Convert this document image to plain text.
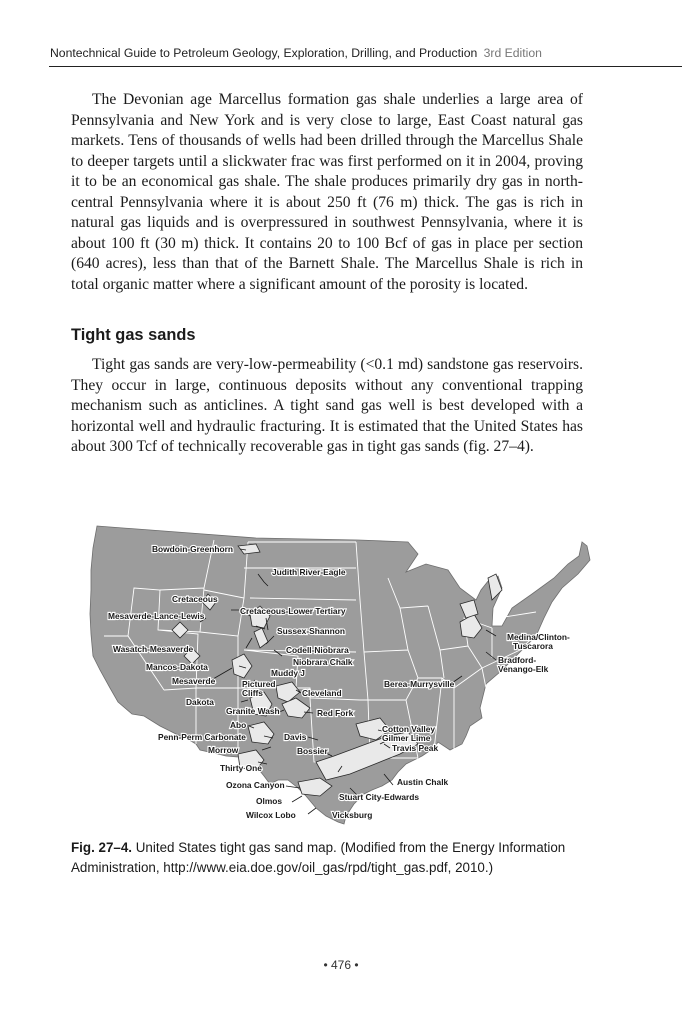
Nontechnical Guide to Petroleum Geology, Exploration, Drilling, and Production 3rd Edition

The Devonian age Marcellus formation gas shale underlies a large area of Pennsylvania and New York and is very close to large, East Coast natural gas markets. Tens of thousands of wells had been drilled through the Marcellus Shale to deeper targets until a slickwater frac was first performed on it in 2004, proving it to be an economical gas shale. The shale produces primarily dry gas in north-central Pennsylvania where it is about 250 ft (76 m) thick. The gas is rich in natural gas liquids and is overpressured in southwest Pennsylvania, where it is about 100 ft (30 m) thick. It contains 20 to 100 Bcf of gas in place per section (640 acres), less than that of the Barnett Shale. The Marcellus Shale is rich in total organic matter where a significant amount of the porosity is located.

Tight gas sands

Tight gas sands are very-low-permeability (<0.1 md) sandstone gas reservoirs. They occur in large, continuous deposits without any conventional trapping mechanism such as anticlines. A tight sand gas well is best developed with a horizontal well and hydraulic fracturing. It is estimated that the United States has about 300 Tcf of technically recoverable gas in tight gas sands (fig. 27–4).

Bowdoin-Greenhorn
Judith River-Eagle
Cretaceous
Mesaverde-Lance-Lewis	Cretaceous-Lower Tertiary
Sussex-Shannon
Wasatch-Mesaverde	Codell-Niobrara
Niobrara Chalk
Mancos-Dakota
Muddy J
Mesaverde	Pictured
Cliffs
Dakota
Cleveland
Granite Wash	Red Fork
Abo
Penn-Perm Carbonate	Davis
Morrow	Bossier
Thirty One
Ozona Canyon
Olmos
Wilcox Lobo	Vicksburg
Stuart City-Edwards
Austin Chalk
Cotton Valley
Gilmer Lime
Travis Peak
Berea-Murrysville
Medina/Clinton-
Tuscarora
Bradford-
Venango-Elk

Fig. 27–4. United States tight gas sand map. (Modified from the Energy Information Administration, http://www.eia.doe.gov/oil_gas/rpd/tight_gas.pdf, 2010.)

• 476 •
